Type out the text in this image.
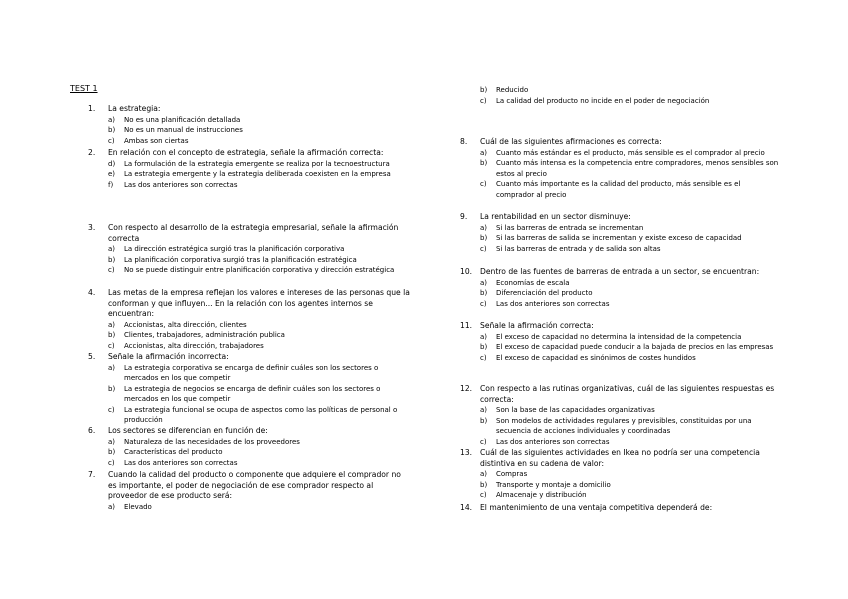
TEST 1
1. La estrategia:
a) No es una planificación detallada
b) No es un manual de instrucciones
c) Ambas son ciertas
2. En relación con el concepto de estrategia, señale la afirmación correcta:
d) La formulación de la estrategia emergente se realiza por la tecnoestructura
e) La estrategia emergente y la estrategia deliberada coexisten en la empresa
f) Las dos anteriores son correctas
3. Con respecto al desarrollo de la estrategia empresarial, señale la afirmación correcta
a) La dirección estratégica surgió tras la planificación corporativa
b) La planificación corporativa surgió tras la planificación estratégica
c) No se puede distinguir entre planificación corporativa y dirección estratégica
4. Las metas de la empresa reflejan los valores e intereses de las personas que la conforman y que influyen... En la relación con los agentes internos se encuentran:
a) Accionistas, alta dirección, clientes
b) Clientes, trabajadores, administración publica
c) Accionistas, alta dirección, trabajadores
5. Señale la afirmación incorrecta:
a) La estrategia corporativa se encarga de definir cuáles son los sectores o mercados en los que competir
b) La estrategia de negocios se encarga de definir cuáles son los sectores o mercados en los que competir
c) La estrategia funcional se ocupa de aspectos como las políticas de personal o producción
6. Los sectores se diferencian en función de:
a) Naturaleza de las necesidades de los proveedores
b) Características del producto
c) Las dos anteriores son correctas
7. Cuando la calidad del producto o componente que adquiere el comprador no es importante, el poder de negociación de ese comprador respecto al proveedor de ese producto será:
a) Elevado
b) Reducido
c) La calidad del producto no incide en el poder de negociación
8. Cuál de las siguientes afirmaciones es correcta:
a) Cuanto más estándar es el producto, más sensible es el comprador al precio
b) Cuanto más intensa es la competencia entre compradores, menos sensibles son estos al precio
c) Cuanto más importante es la calidad del producto, más sensible es el comprador al precio
9. La rentabilidad en un sector disminuye:
a) Si las barreras de entrada se incrementan
b) Si las barreras de salida se incrementan y existe exceso de capacidad
c) Si las barreras de entrada y de salida son altas
10. Dentro de las fuentes de barreras de entrada a un sector, se encuentran:
a) Economías de escala
b) Diferenciación del producto
c) Las dos anteriores son correctas
11. Señale la afirmación correcta:
a) El exceso de capacidad no determina la intensidad de la competencia
b) El exceso de capacidad puede conducir a la bajada de precios en las empresas
c) El exceso de capacidad es sinónimos de costes hundidos
12. Con respecto a las rutinas organizativas, cuál de las siguientes respuestas es correcta:
a) Son la base de las capacidades organizativas
b) Son modelos de actividades regulares y previsibles, constituidas por una secuencia de acciones individuales y coordinadas
c) Las dos anteriores son correctas
13. Cuál de las siguientes actividades en Ikea no podría ser una competencia distintiva en su cadena de valor:
a) Compras
b) Transporte y montaje a domicilio
c) Almacenaje y distribución
14. El mantenimiento de una ventaja competitiva dependerá de:
